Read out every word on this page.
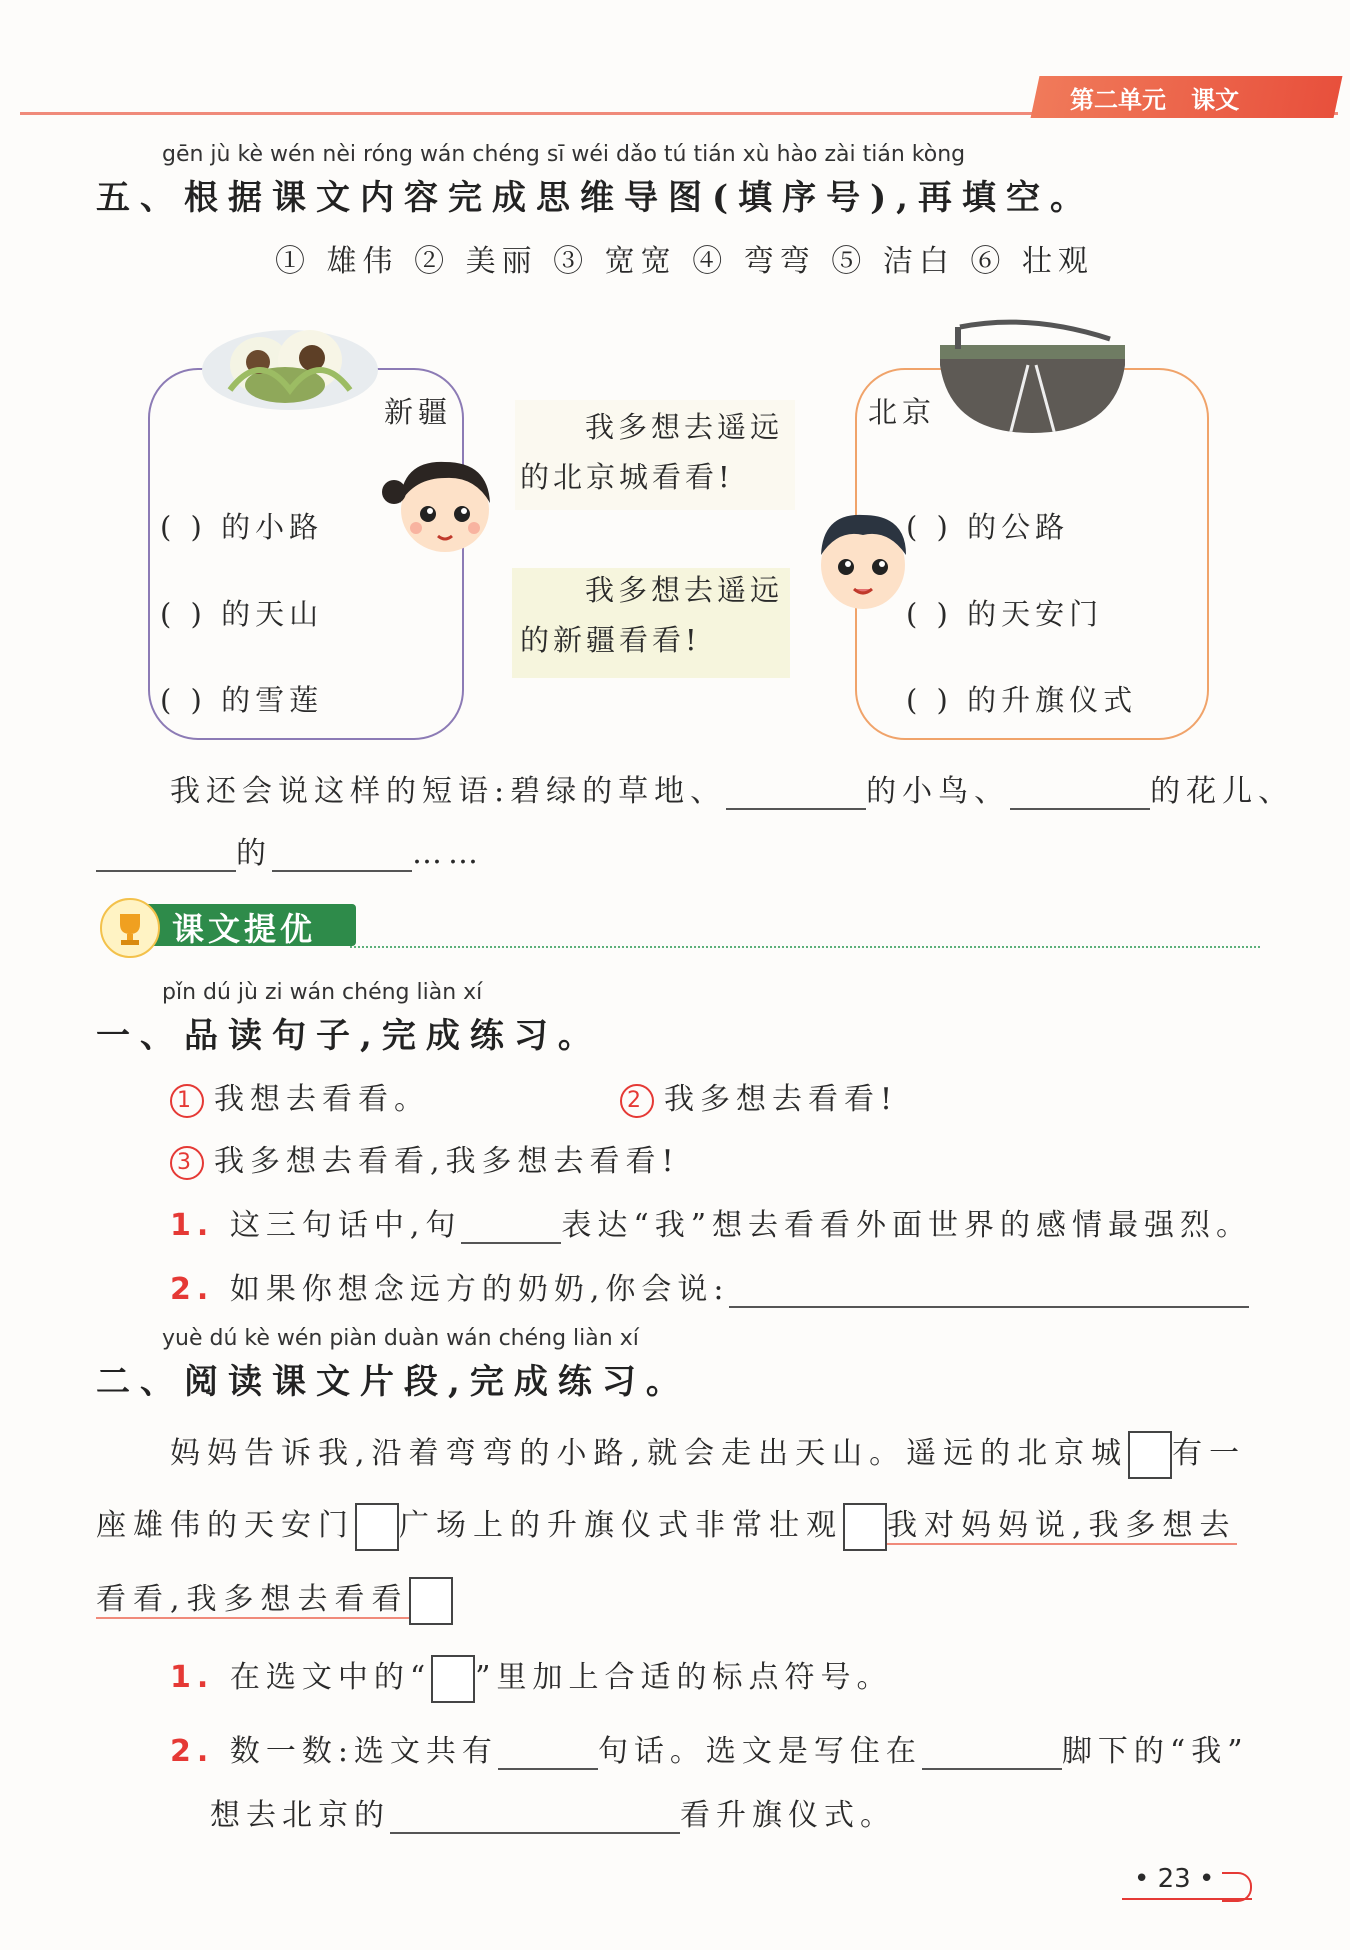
第二单元 课文
gēn jù kè wén nèi róng wán chéng sī wéi dǎo tú tián xù hào zài tián kòng
五、根据课文内容完成思维导图(填序号),再填空。
① 雄伟 ② 美丽 ③ 宽宽 ④ 弯弯 ⑤ 洁白 ⑥ 壮观
新疆
( ) 的小路
( ) 的天山
( ) 的雪莲
我多想去遥远
的北京城看看!
我多想去遥远
的新疆看看!
北京
( ) 的公路
( ) 的天安门
( ) 的升旗仪式
我还会说这样的短语:碧绿的草地、	的小鸟、	的花儿、
的	……
课文提优
pǐn dú jù zi wán chéng liàn xí
一、品读句子,完成练习。
1 我想去看看。	2 我多想去看看!
3 我多想去看看,我多想去看看!
1. 这三句话中,句	表达“我”想去看看外面世界的感情最强烈。
2. 如果你想念远方的奶奶,你会说:
yuè dú kè wén piàn duàn wán chéng liàn xí
二、阅读课文片段,完成练习。
妈妈告诉我,沿着弯弯的小路,就会走出天山。遥远的北京城 有一
座雄伟的天安门 广场上的升旗仪式非常壮观 我对妈妈说,我多想去
看看,我多想去看看
1. 在选文中的“ ”里加上合适的标点符号。
2. 数一数:选文共有	句话。选文是写住在	脚下的“我”
想去北京的	看升旗仪式。
• 23 •
